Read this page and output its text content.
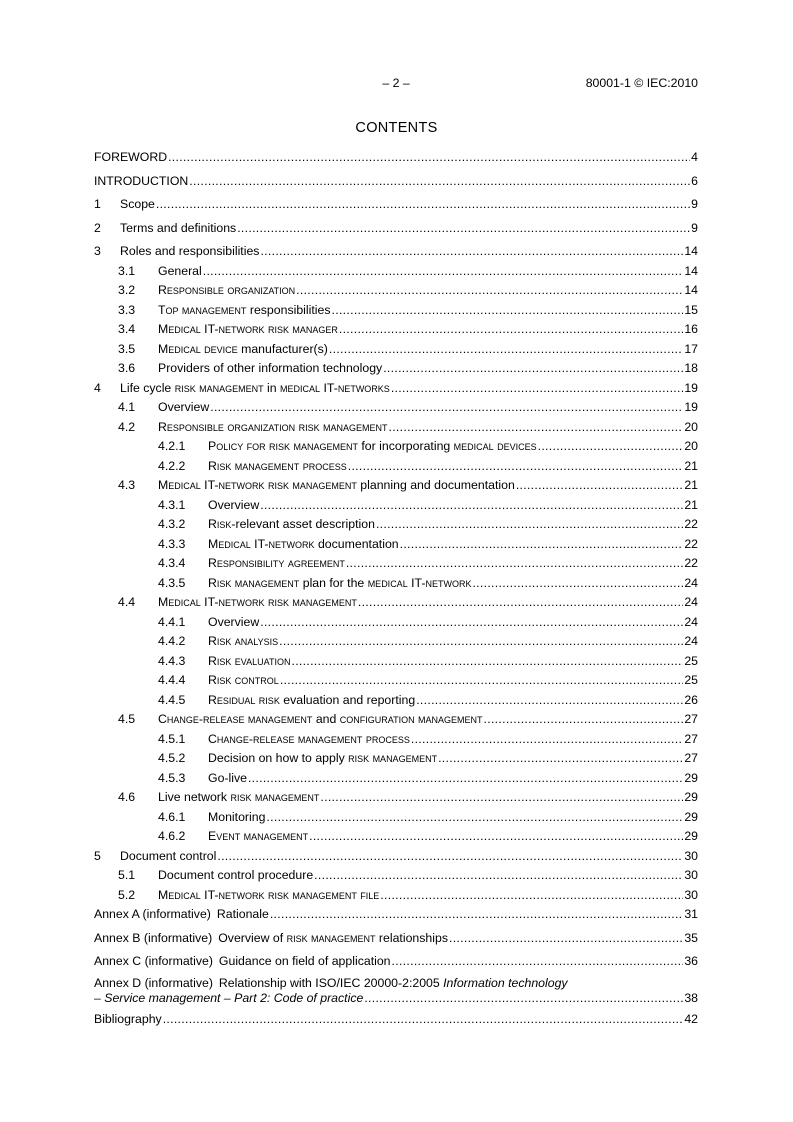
– 2 –	80001-1 © IEC:2010
CONTENTS
FOREWORD .....	4
INTRODUCTION .....	6
1	Scope .....	9
2	Terms and definitions .....	9
3	Roles and responsibilities .....	14
3.1	General .....	14
3.2	Responsible organization .....	14
3.3	Top management responsibilities .....	15
3.4	Medical IT-network risk manager .....	16
3.5	Medical device manufacturer(s) .....	17
3.6	Providers of other information technology .....	18
4	Life cycle risk management in medical IT-networks .....	19
4.1	Overview .....	19
4.2	Responsible organization risk management .....	20
4.2.1	Policy for risk management for incorporating medical devices .....	20
4.2.2	Risk management process .....	21
4.3	Medical IT-network risk management planning and documentation .....	21
4.3.1	Overview .....	21
4.3.2	Risk-relevant asset description .....	22
4.3.3	Medical IT-network documentation .....	22
4.3.4	Responsibility agreement .....	22
4.3.5	Risk management plan for the medical IT-network .....	24
4.4	Medical IT-network risk management .....	24
4.4.1	Overview .....	24
4.4.2	Risk analysis .....	24
4.4.3	Risk evaluation .....	25
4.4.4	Risk control .....	25
4.4.5	Residual risk evaluation and reporting .....	26
4.5	Change-release management and configuration management .....	27
4.5.1	Change-release management process .....	27
4.5.2	Decision on how to apply risk management .....	27
4.5.3	Go-live .....	29
4.6	Live network risk management .....	29
4.6.1	Monitoring .....	29
4.6.2	Event management .....	29
5	Document control .....	30
5.1	Document control procedure .....	30
5.2	Medical IT-network risk management file .....	30
Annex A (informative) Rationale .....	31
Annex B (informative) Overview of risk management relationships .....	35
Annex C (informative) Guidance on field of application .....	36
Annex D (informative) Relationship with ISO/IEC 20000-2:2005 Information technology
– Service management – Part 2: Code of practice .....	38
Bibliography .....	42
